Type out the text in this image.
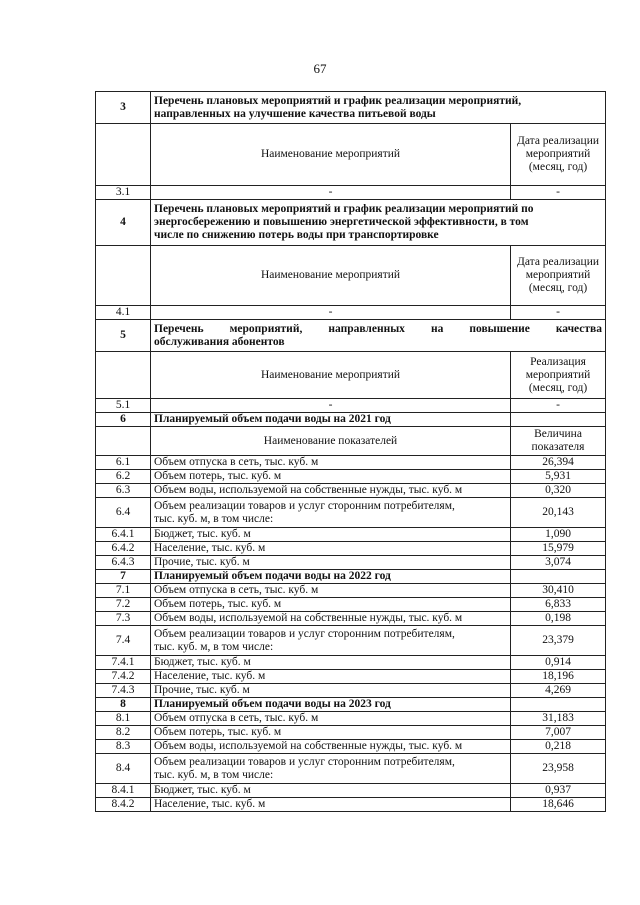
67
3	Перечень плановых мероприятий и график реализации мероприятий,
направленных на улучшение качества питьевой воды	

	Наименование мероприятий	Дата реализации мероприятий (месяц, год)
3.1	-	-
4	Перечень плановых мероприятий и график реализации мероприятий по
энергосбережению и повышению энергетической эффективности, в том
числе по снижению потерь воды при транспортировке	

	Наименование мероприятий	Дата реализации мероприятий (месяц, год)
4.1	-	-
5	Перечень мероприятий, направленных на повышение качества
обслуживания абонентов	

	Наименование мероприятий	Реализация мероприятий (месяц, год)
5.1	-	-
6	Планируемый объем подачи воды на 2021 год	
	Наименование показателей	Величина показателя
6.1	Объем отпуска в сеть, тыс. куб. м	26,394
6.2	Объем потерь, тыс. куб. м	5,931
6.3	Объем воды, используемой на собственные нужды, тыс. куб. м	0,320
6.4	Объем реализации товаров и услуг сторонним потребителям,
тыс. куб. м, в том числе:	20,143
6.4.1	Бюджет, тыс. куб. м	1,090
6.4.2	Население, тыс. куб. м	15,979
6.4.3	Прочие, тыс. куб. м	3,074
7	Планируемый объем подачи воды на 2022 год	
7.1	Объем отпуска в сеть, тыс. куб. м	30,410
7.2	Объем потерь, тыс. куб. м	6,833
7.3	Объем воды, используемой на собственные нужды, тыс. куб. м	0,198
7.4	Объем реализации товаров и услуг сторонним потребителям,
тыс. куб. м, в том числе:	23,379
7.4.1	Бюджет, тыс. куб. м	0,914
7.4.2	Население, тыс. куб. м	18,196
7.4.3	Прочие, тыс. куб. м	4,269
8	Планируемый объем подачи воды на 2023 год	
8.1	Объем отпуска в сеть, тыс. куб. м	31,183
8.2	Объем потерь, тыс. куб. м	7,007
8.3	Объем воды, используемой на собственные нужды, тыс. куб. м	0,218
8.4	Объем реализации товаров и услуг сторонним потребителям,
тыс. куб. м, в том числе:	23,958
8.4.1	Бюджет, тыс. куб. м	0,937
8.4.2	Население, тыс. куб. м	18,646
